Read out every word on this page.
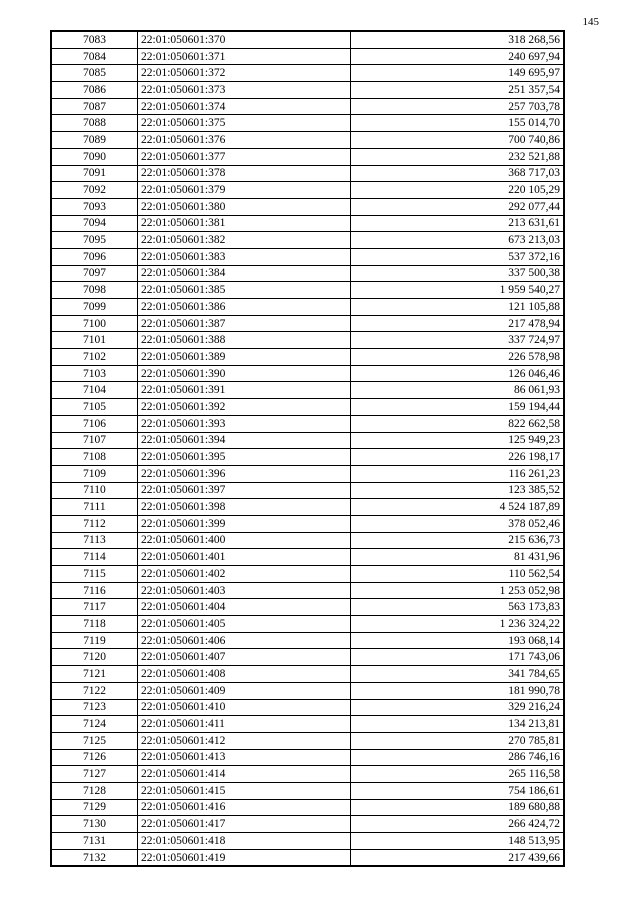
145
7083	22:01:050601:370	318 268,56
7084	22:01:050601:371	240 697,94
7085	22:01:050601:372	149 695,97
7086	22:01:050601:373	251 357,54
7087	22:01:050601:374	257 703,78
7088	22:01:050601:375	155 014,70
7089	22:01:050601:376	700 740,86
7090	22:01:050601:377	232 521,88
7091	22:01:050601:378	368 717,03
7092	22:01:050601:379	220 105,29
7093	22:01:050601:380	292 077,44
7094	22:01:050601:381	213 631,61
7095	22:01:050601:382	673 213,03
7096	22:01:050601:383	537 372,16
7097	22:01:050601:384	337 500,38
7098	22:01:050601:385	1 959 540,27
7099	22:01:050601:386	121 105,88
7100	22:01:050601:387	217 478,94
7101	22:01:050601:388	337 724,97
7102	22:01:050601:389	226 578,98
7103	22:01:050601:390	126 046,46
7104	22:01:050601:391	86 061,93
7105	22:01:050601:392	159 194,44
7106	22:01:050601:393	822 662,58
7107	22:01:050601:394	125 949,23
7108	22:01:050601:395	226 198,17
7109	22:01:050601:396	116 261,23
7110	22:01:050601:397	123 385,52
7111	22:01:050601:398	4 524 187,89
7112	22:01:050601:399	378 052,46
7113	22:01:050601:400	215 636,73
7114	22:01:050601:401	81 431,96
7115	22:01:050601:402	110 562,54
7116	22:01:050601:403	1 253 052,98
7117	22:01:050601:404	563 173,83
7118	22:01:050601:405	1 236 324,22
7119	22:01:050601:406	193 068,14
7120	22:01:050601:407	171 743,06
7121	22:01:050601:408	341 784,65
7122	22:01:050601:409	181 990,78
7123	22:01:050601:410	329 216,24
7124	22:01:050601:411	134 213,81
7125	22:01:050601:412	270 785,81
7126	22:01:050601:413	286 746,16
7127	22:01:050601:414	265 116,58
7128	22:01:050601:415	754 186,61
7129	22:01:050601:416	189 680,88
7130	22:01:050601:417	266 424,72
7131	22:01:050601:418	148 513,95
7132	22:01:050601:419	217 439,66
